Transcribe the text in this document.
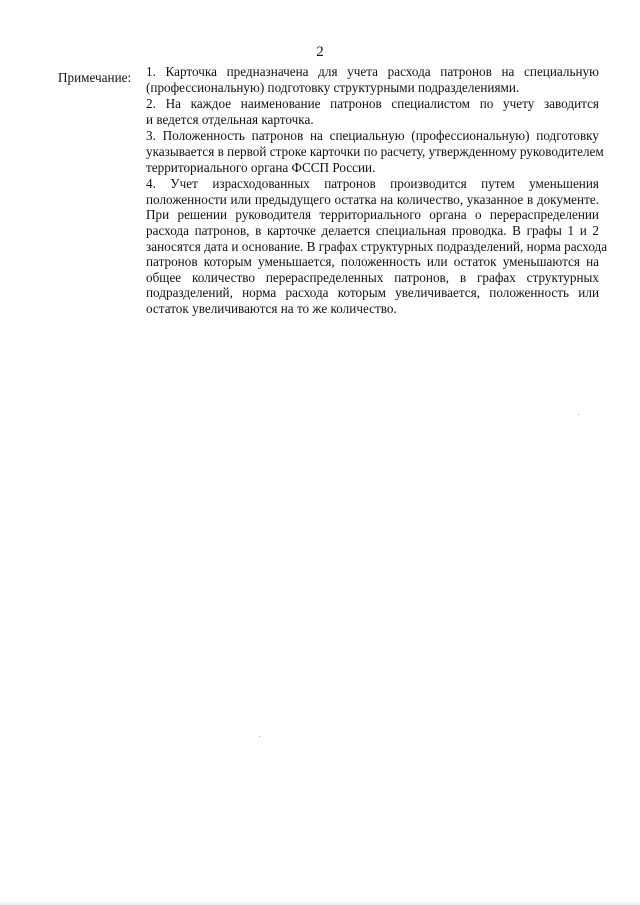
2
Примечание: 1. Карточка предназначена для учета расхода патронов на специальную
(профессиональную) подготовку структурными подразделениями.

2. На каждое наименование патронов специалистом по учету заводится
и ведется отдельная карточка.

3. Положенность патронов на специальную (профессиональную) подготовку
указывается в первой строке карточки по расчету, утвержденному руководителем
территориального органа ФССП России.

4. Учет израсходованных патронов производится путем уменьшения
положенности или предыдущего остатка на количество, указанное в документе.
При решении руководителя территориального органа о перераспределении
расхода патронов, в карточке делается специальная проводка. В графы 1 и 2
заносятся дата и основание. В графах структурных подразделений, норма расхода
патронов которым уменьшается, положенность или остаток уменьшаются на
общее количество перераспределенных патронов, в графах структурных
подразделений, норма расхода которым увеличивается, положенность или
остаток увеличиваются на то же количество.
